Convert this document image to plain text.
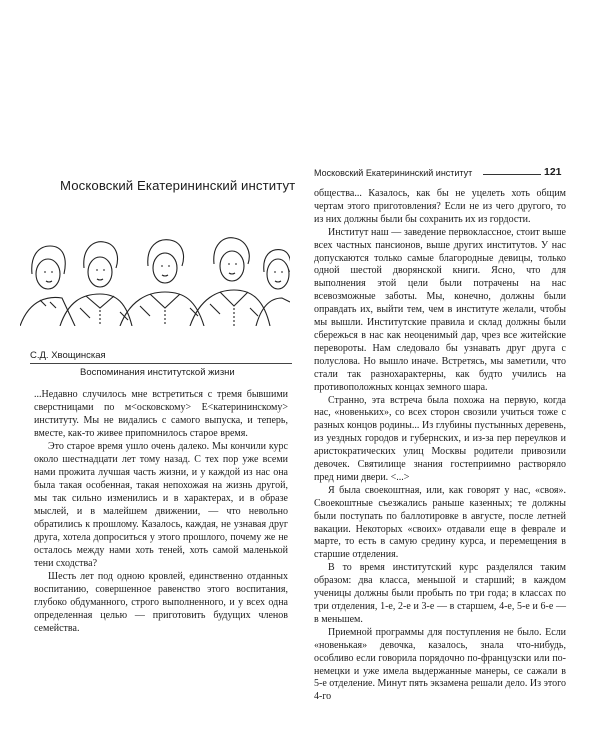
Московский Екатерининский институт
С.Д. Хвощинская
Воспоминания институтской жизни

...Недавно случилось мне встретиться с тремя бывшими сверстницами по м<осковскому> Е<катерининскому> институту. Мы не видались с самого выпуска, и теперь, вместе, как-то живее припомнилось старое время.

Это старое время ушло очень далеко. Мы кончили курс около шестнадцати лет тому назад. С тех пор уже всеми нами прожита лучшая часть жизни, и у каждой из нас она была такая особенная, такая непохожая на жизнь другой, мы так сильно изменились и в характерах, и в образе мыслей, и в малейшем движении, — что невольно обратились к прошлому. Казалось, каждая, не узнавая друг друга, хотела допроситься у этого прошлого, почему же не осталось между нами хоть теней, хоть самой маленькой тени сходства?

Шесть лет под одною кровлей, единственно отданных воспитанию, совершенное равенство этого воспитания, глубоко обдуманного, строго выполненного, и у всех одна определенная целью — приготовить будущих членов семейства.

Московский Екатерининский институт	121

общества... Казалось, как бы не уцелеть хоть общим чертам этого приготовления? Если не из чего другого, то из них должны были бы сохранить их из гордости.

Институт наш — заведение первоклассное, стоит выше всех частных пансионов, выше других институтов. У нас допускаются только самые благородные девицы, только одной шестой дворянской книги. Ясно, что для выполнения этой цели были потрачены на нас всевозможные заботы. Мы, конечно, должны были оправдать их, выйти тем, чем в институте желали, чтобы мы вышли. Институтские правила и склад должны были сбережься в нас как неоценимый дар, чрез все житейские перевороты. Нам следовало бы узнавать друг друга с полуслова. Но вышло иначе. Встретясь, мы заметили, что стали так разнохарактерны, как будто учились на противоположных концах земного шара.

Странно, эта встреча была похожа на первую, когда нас, «новеньких», со всех сторон свозили учиться тоже с разных концов родины... Из глубины пустынных деревень, из уездных городов и губернских, и из-за пер переулков и аристократических улиц Москвы родители привозили девочек. Святилище знания гостеприимно растворяло пред ними двери. <...>

Я была своекоштная, или, как говорят у нас, «своя». Своекоштные съезжались раньше казенных; те должны были поступать по баллотировке в августе, после летней вакации. Некоторых «своих» отдавали еще в феврале и марте, то есть в самую средину курса, и перемещения в старшие отделения.

В то время институтский курс разделялся таким образом: два класса, меньшой и старший; в каждом ученицы должны были пробыть по три года; в классах по три отделения, 1-е, 2-е и 3-е — в старшем, 4-е, 5-е и 6-е — в меньшем.

Приемной программы для поступления не было. Если «новенькая» девочка, казалось, знала что-нибудь, особливо если говорила порядочно по-французски или по-немецки и уже имела выдержанные манеры, се сажали в 5-е отделение. Минут пять экзамена решали дело. Из этого 4-го
